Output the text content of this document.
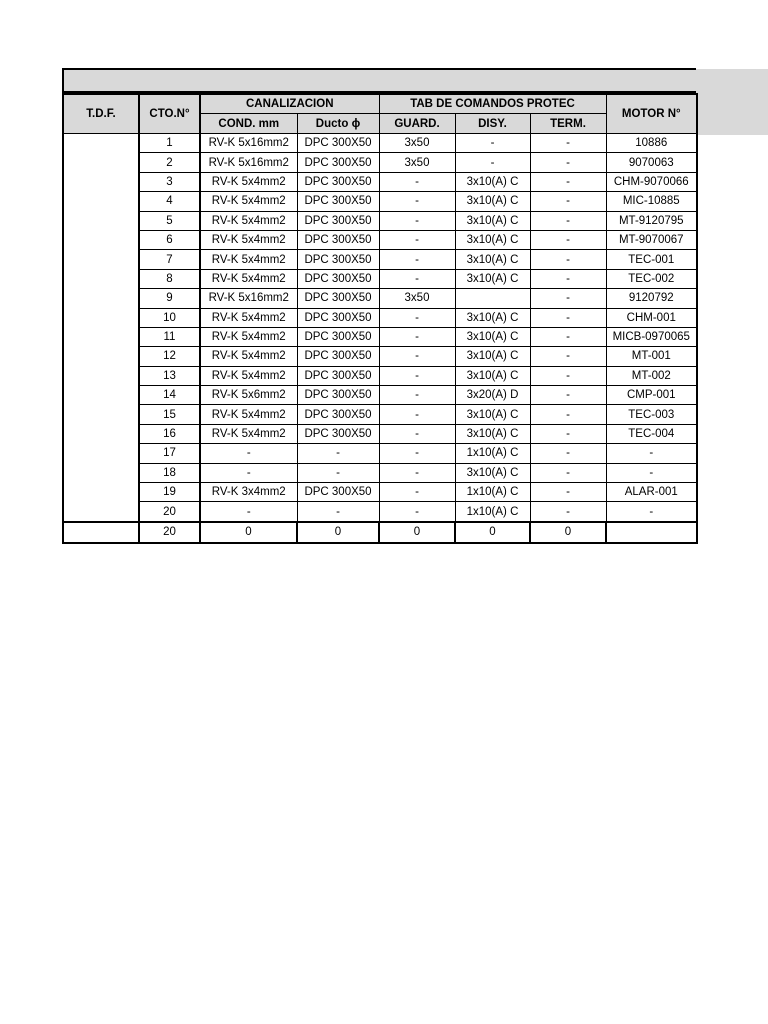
T.D.F.	CTO.N°	CANALIZACION		TAB DE COMANDOS PROTEC			MOTOR N°
		COND. mm	Ducto ɸ	GUARD.	DISY.	TERM.	
	1	RV-K 5x16mm2	DPC 300X50	3x50	-	-	10886
	2	RV-K 5x16mm2	DPC 300X50	3x50	-	-	9070063
	3	RV-K 5x4mm2	DPC 300X50	-	3x10(A) C	-	CHM-9070066
	4	RV-K 5x4mm2	DPC 300X50	-	3x10(A) C	-	MIC-10885
	5	RV-K 5x4mm2	DPC 300X50	-	3x10(A) C	-	MT-9120795
	6	RV-K 5x4mm2	DPC 300X50	-	3x10(A) C	-	MT-9070067
	7	RV-K 5x4mm2	DPC 300X50	-	3x10(A) C	-	TEC-001
	8	RV-K 5x4mm2	DPC 300X50	-	3x10(A) C	-	TEC-002
	9	RV-K 5x16mm2	DPC 300X50	3x50		-	9120792
	10	RV-K 5x4mm2	DPC 300X50	-	3x10(A) C	-	CHM-001
	11	RV-K 5x4mm2	DPC 300X50	-	3x10(A) C	-	MICB-0970065
	12	RV-K 5x4mm2	DPC 300X50	-	3x10(A) C	-	MT-001
	13	RV-K 5x4mm2	DPC 300X50	-	3x10(A) C	-	MT-002
	14	RV-K 5x6mm2	DPC 300X50	-	3x20(A) D	-	CMP-001
	15	RV-K 5x4mm2	DPC 300X50	-	3x10(A) C	-	TEC-003
	16	RV-K 5x4mm2	DPC 300X50	-	3x10(A) C	-	TEC-004
	17	-	-	-	1x10(A) C	-	-
	18	-	-	-	3x10(A) C	-	-
	19	RV-K 3x4mm2	DPC 300X50	-	1x10(A) C	-	ALAR-001
	20	-	-	-	1x10(A) C	-	-
	20	0	0	0	0	0	
